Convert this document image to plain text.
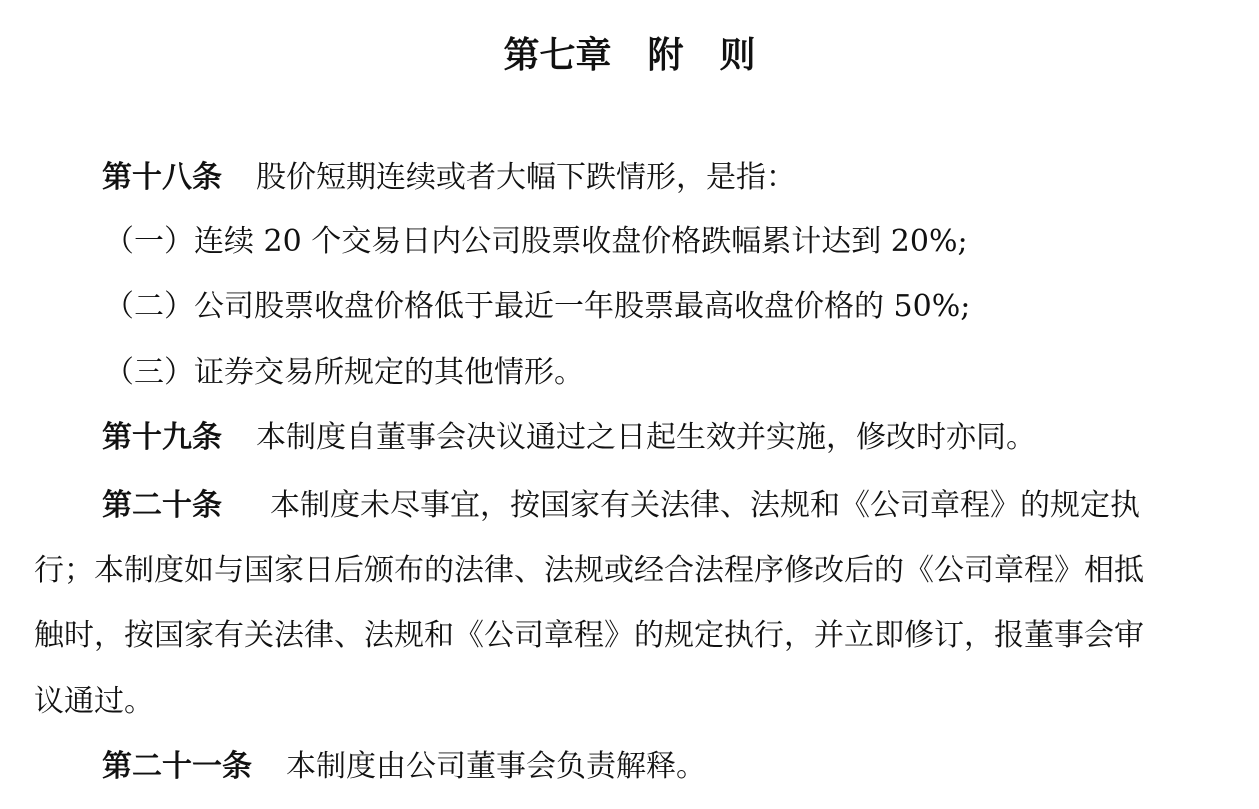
第七章　附　则
第十八条 股价短期连续或者大幅下跌情形，是指：
（一）连续 20 个交易日内公司股票收盘价格跌幅累计达到 20%;
（二）公司股票收盘价格低于最近一年股票最高收盘价格的 50%;
（三）证券交易所规定的其他情形。
第十九条 本制度自董事会决议通过之日起生效并实施，修改时亦同。
第二十条 本制度未尽事宜，按国家有关法律、法规和《公司章程》的规定执
行；本制度如与国家日后颁布的法律、法规或经合法程序修改后的《公司章程》相抵
触时，按国家有关法律、法规和《公司章程》的规定执行，并立即修订，报董事会审
议通过。
第二十一条 本制度由公司董事会负责解释。
